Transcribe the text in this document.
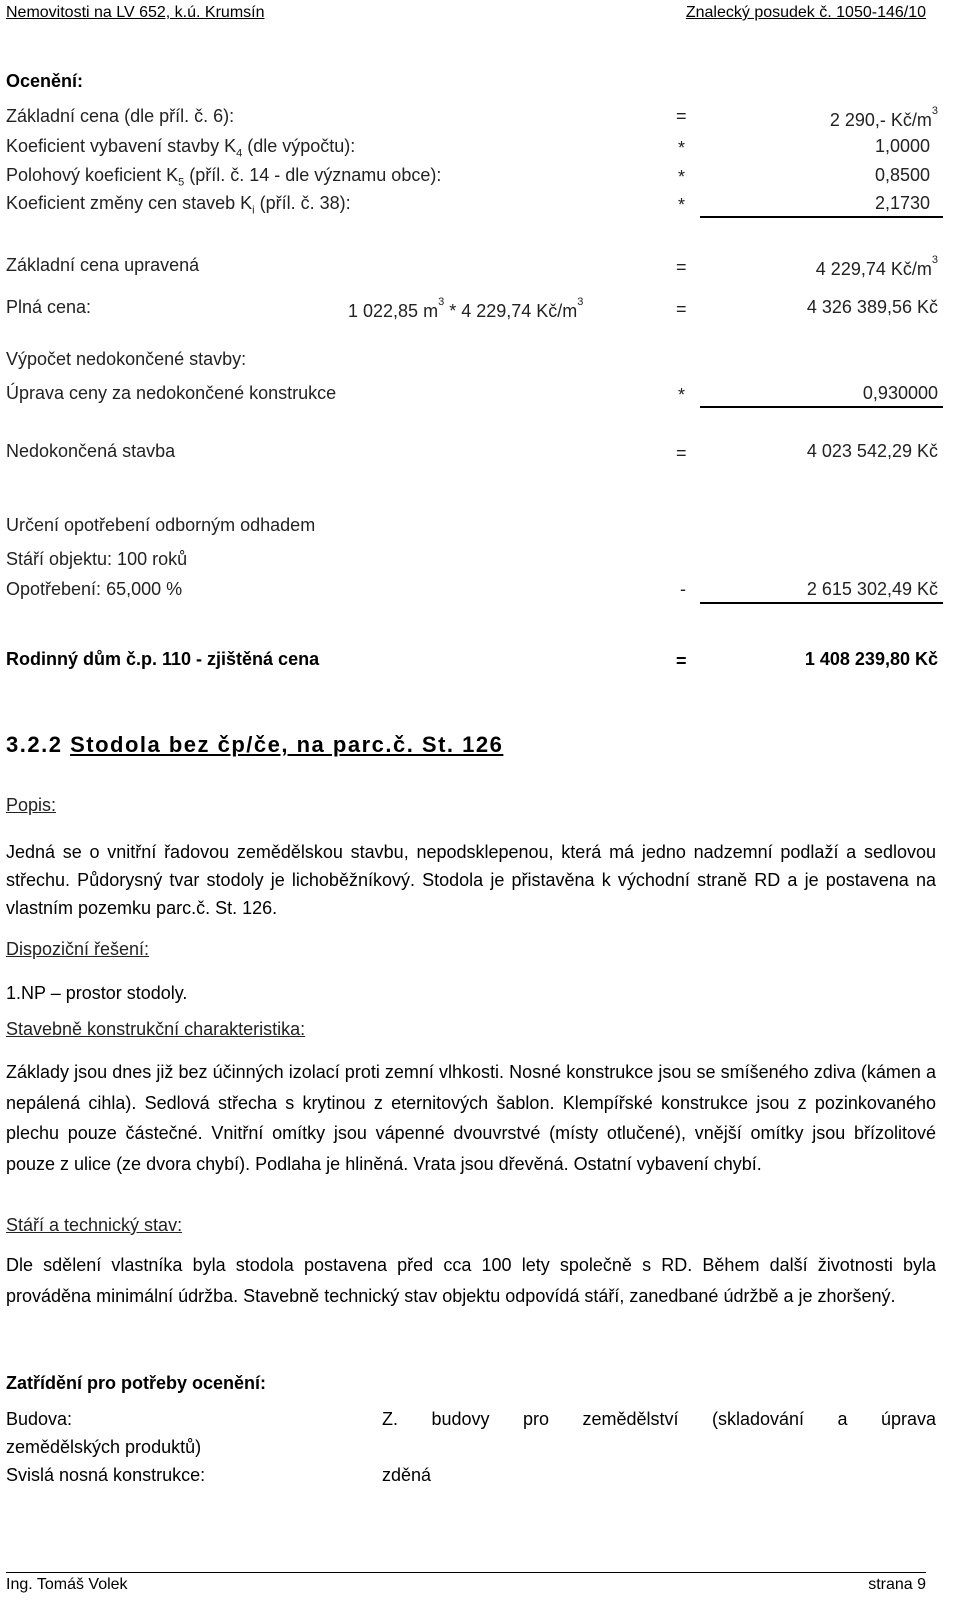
Nemovitosti na LV 652, k.ú. Krumsín	Znalecký posudek č. 1050-146/10
Ocenění:
Základní cena (dle příl. č. 6):	=	2 290,- $Kč/m^3$
Koeficient vybavení stavby $K_4$ (dle výpočtu):	*	1,0000
Polohový koeficient $K_5$ (příl. č. 14 - dle významu obce):	*	0,8500
Koeficient změny cen staveb $K_i$ (příl. č. 38):	*	2,1730
Základní cena upravená	=	4 229,74 $Kč/m^3$
Plná cena:	1 022,85 $m^3 * 4$ 229,74 $Kč/m^3$	=	4 326 389,56 Kč
Výpočet nedokončené stavby:
Úprava ceny za nedokončené konstrukce	*	0,930000
Nedokončená stavba	=	4 023 542,29 Kč
Určení opotřebení odborným odhadem
Stáří objektu: 100 roků
Opotřebení: 65,000 %	-	2 615 302,49 Kč
Rodinný dům č.p. 110 - zjištěná cena	=	1 408 239,80 Kč
3.2.2 Stodola bez čp/če, na parc.č. St. 126
Popis:
Jedná se o vnitřní řadovou zemědělskou stavbu, nepodsklepenou, která má jedno nadzemní podlaží a sedlovou střechu. Půdorysný tvar stodoly je lichoběžníkový. Stodola je přistavěna k východní straně RD a je postavena na vlastním pozemku parc.č. St. 126.
Dispoziční řešení:
1.NP – prostor stodoly.
Stavebně konstrukční charakteristika:
Základy jsou dnes již bez účinných izolací proti zemní vlhkosti. Nosné konstrukce jsou se smíšeného zdiva (kámen a nepálená cihla). Sedlová střecha s krytinou z eternitových šablon. Klempířské konstrukce jsou z pozinkovaného plechu pouze částečné. Vnitřní omítky jsou vápenné dvouvrstvé (místy otlučené), vnější omítky jsou břízolitové pouze z ulice (ze dvora chybí). Podlaha je hliněná. Vrata jsou dřevěná. Ostatní vybavení chybí.
Stáří a technický stav:
Dle sdělení vlastníka byla stodola postavena před cca 100 lety společně s RD. Během další životnosti byla prováděna minimální údržba. Stavebně technický stav objektu odpovídá stáří, zanedbané údržbě a je zhoršený.
Zatřídění pro potřeby ocenění:
Budova:	Z. budovy pro zemědělství (skladování a úprava
zemědělských produktů)
Svislá nosná konstrukce:	zděná
Ing. Tomáš Volek	strana 9
